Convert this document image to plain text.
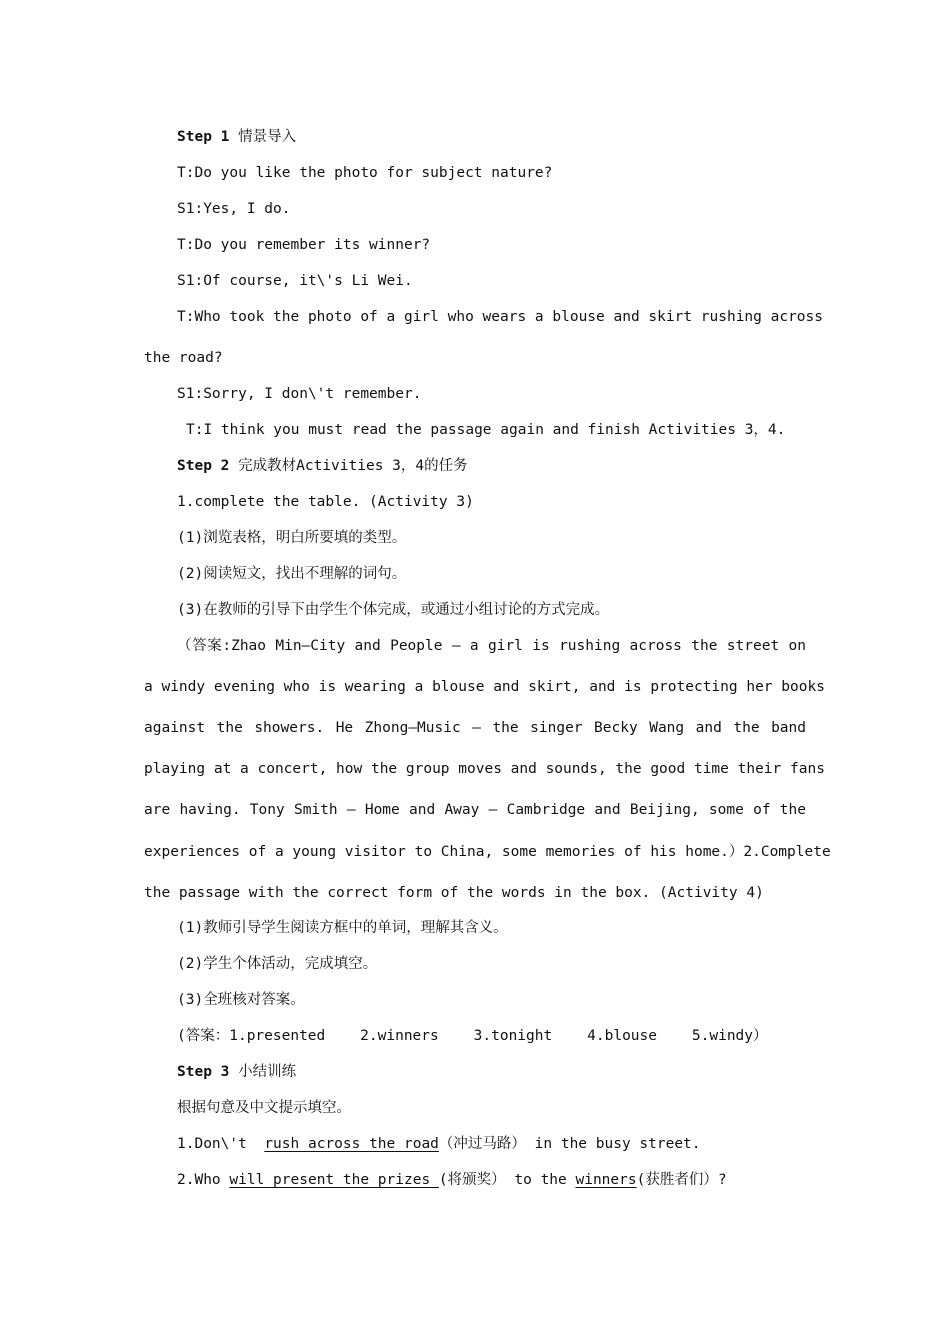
Step 1 情景导入
T:Do you like the photo for subject nature?
S1:Yes, I do.
T:Do you remember its winner?
S1:Of course, it\'s Li Wei.
T:Who took the photo of a girl who wears a blouse and skirt rushing across
the road?
S1:Sorry, I don\'t remember.
T:I think you must read the passage again and finish Activities 3，4.
Step 2 完成教材Activities 3，4的任务
1.complete the table. (Activity 3)
(1)浏览表格，明白所要填的类型。
(2)阅读短文，找出不理解的词句。
(3)在教师的引导下由学生个体完成，或通过小组讨论的方式完成。
（答案:Zhao Min—City and People — a girl is rushing across the street on
a windy evening who is wearing a blouse and skirt, and is protecting her books
against the showers. He Zhong—Music — the singer Becky Wang and the band
playing at a concert, how the group moves and sounds, the good time their fans
are having. Tony Smith — Home and Away — Cambridge and Beijing, some of the
experiences of a young visitor to China, some memories of his home.）2.Complete
the passage with the correct form of the words in the box. (Activity 4)
(1)教师引导学生阅读方框中的单词，理解其含义。
(2)学生个体活动，完成填空。
(3)全班核对答案。
(答案：1.presented    2.winners    3.tonight    4.blouse    5.windy）
Step 3 小结训练
根据句意及中文提示填空。
1.Don\'t  rush across the road（冲过马路） in the busy street.
2.Who will present the prizes (将颁奖） to the winners(获胜者们）?
